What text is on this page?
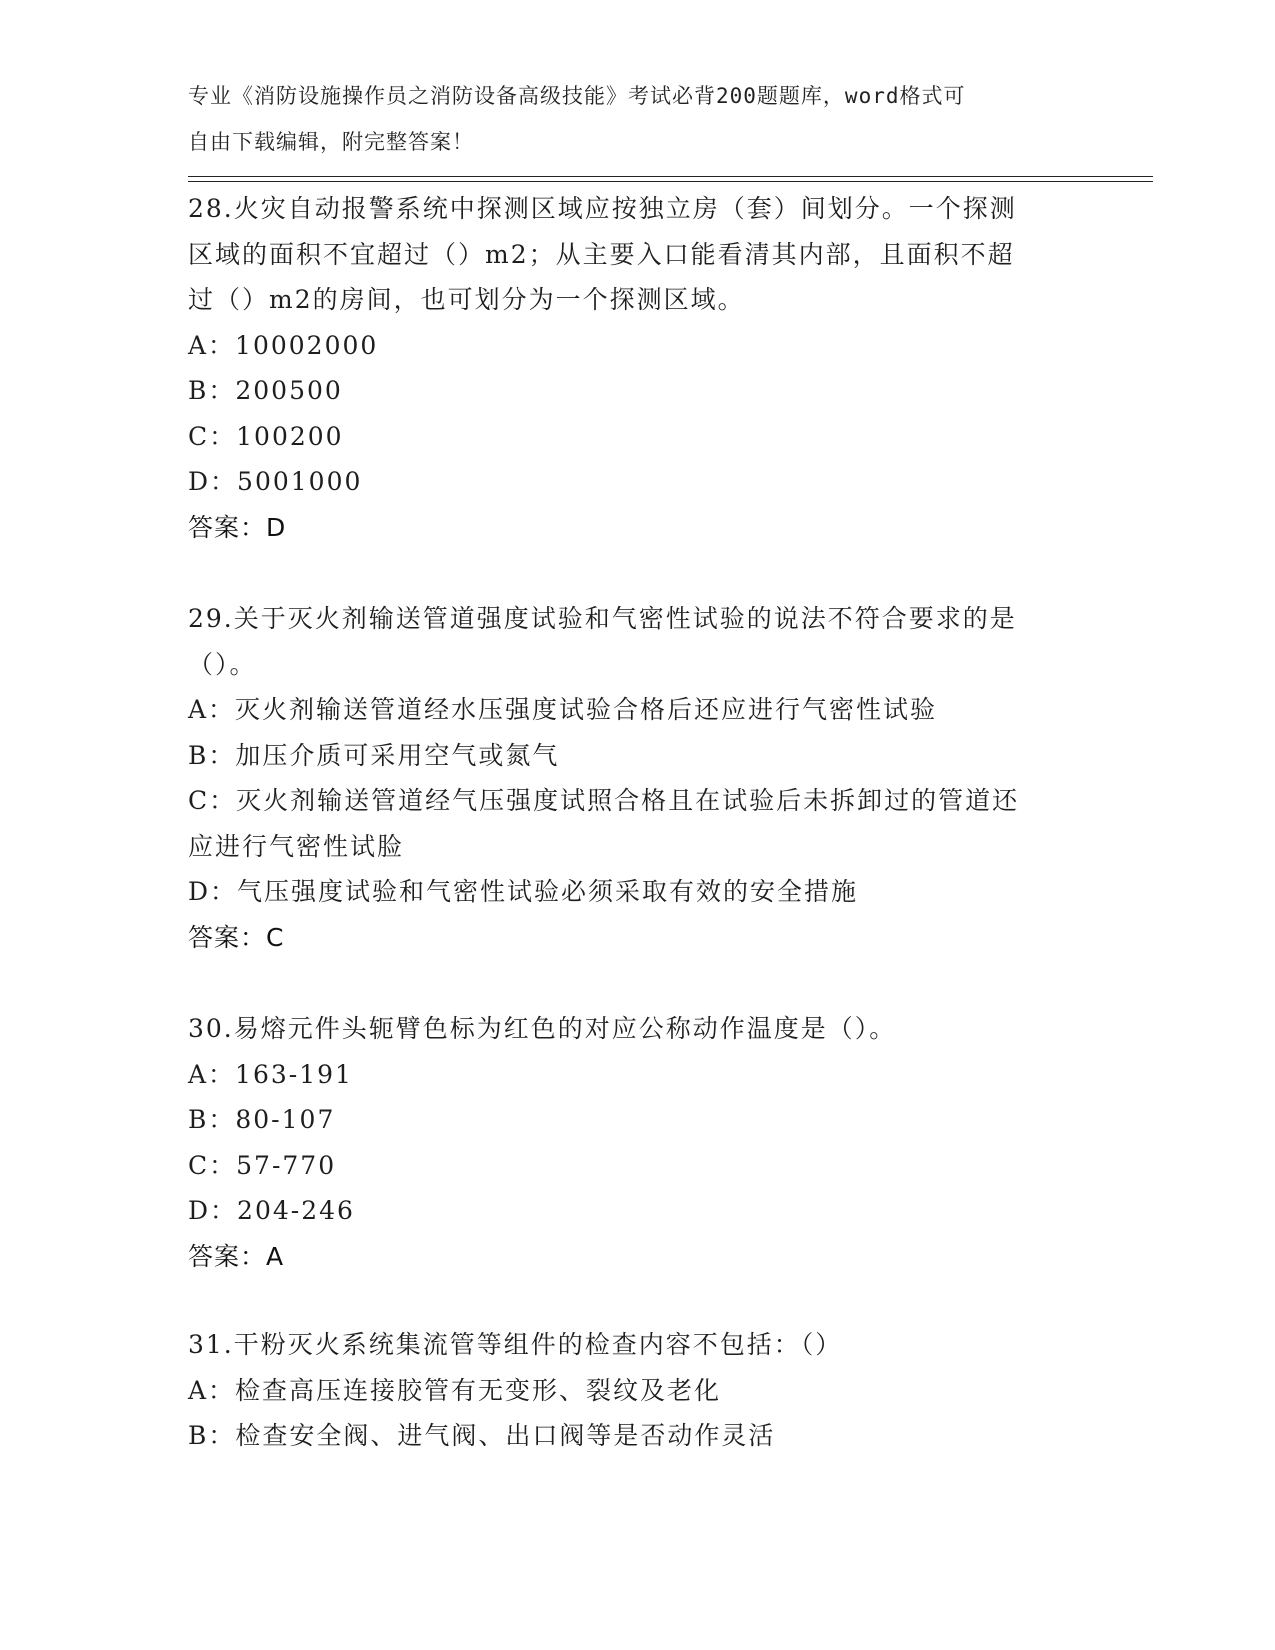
专业《消防设施操作员之消防设备高级技能》考试必背200题题库，word格式可
自由下载编辑，附完整答案！
28.火灾自动报警系统中探测区域应按独立房（套）间划分。一个探测
区域的面积不宜超过（）m2；从主要入口能看清其内部，且面积不超
过（）m2的房间，也可划分为一个探测区域。
A：10002000
B：200500
C：100200
D：5001000
答案：D
29.关于灭火剂输送管道强度试验和气密性试验的说法不符合要求的是
（）。
A：灭火剂输送管道经水压强度试验合格后还应进行气密性试验
B：加压介质可采用空气或氮气
C：灭火剂输送管道经气压强度试照合格且在试验后未拆卸过的管道还
应进行气密性试脸
D：气压强度试验和气密性试验必须采取有效的安全措施
答案：C
30.易熔元件头轭臂色标为红色的对应公称动作温度是（）。
A：163-191
B：80-107
C：57-770
D：204-246
答案：A
31.干粉灭火系统集流管等组件的检查内容不包括：（）
A：检查高压连接胶管有无变形、裂纹及老化
B：检查安全阀、进气阀、出口阀等是否动作灵活
